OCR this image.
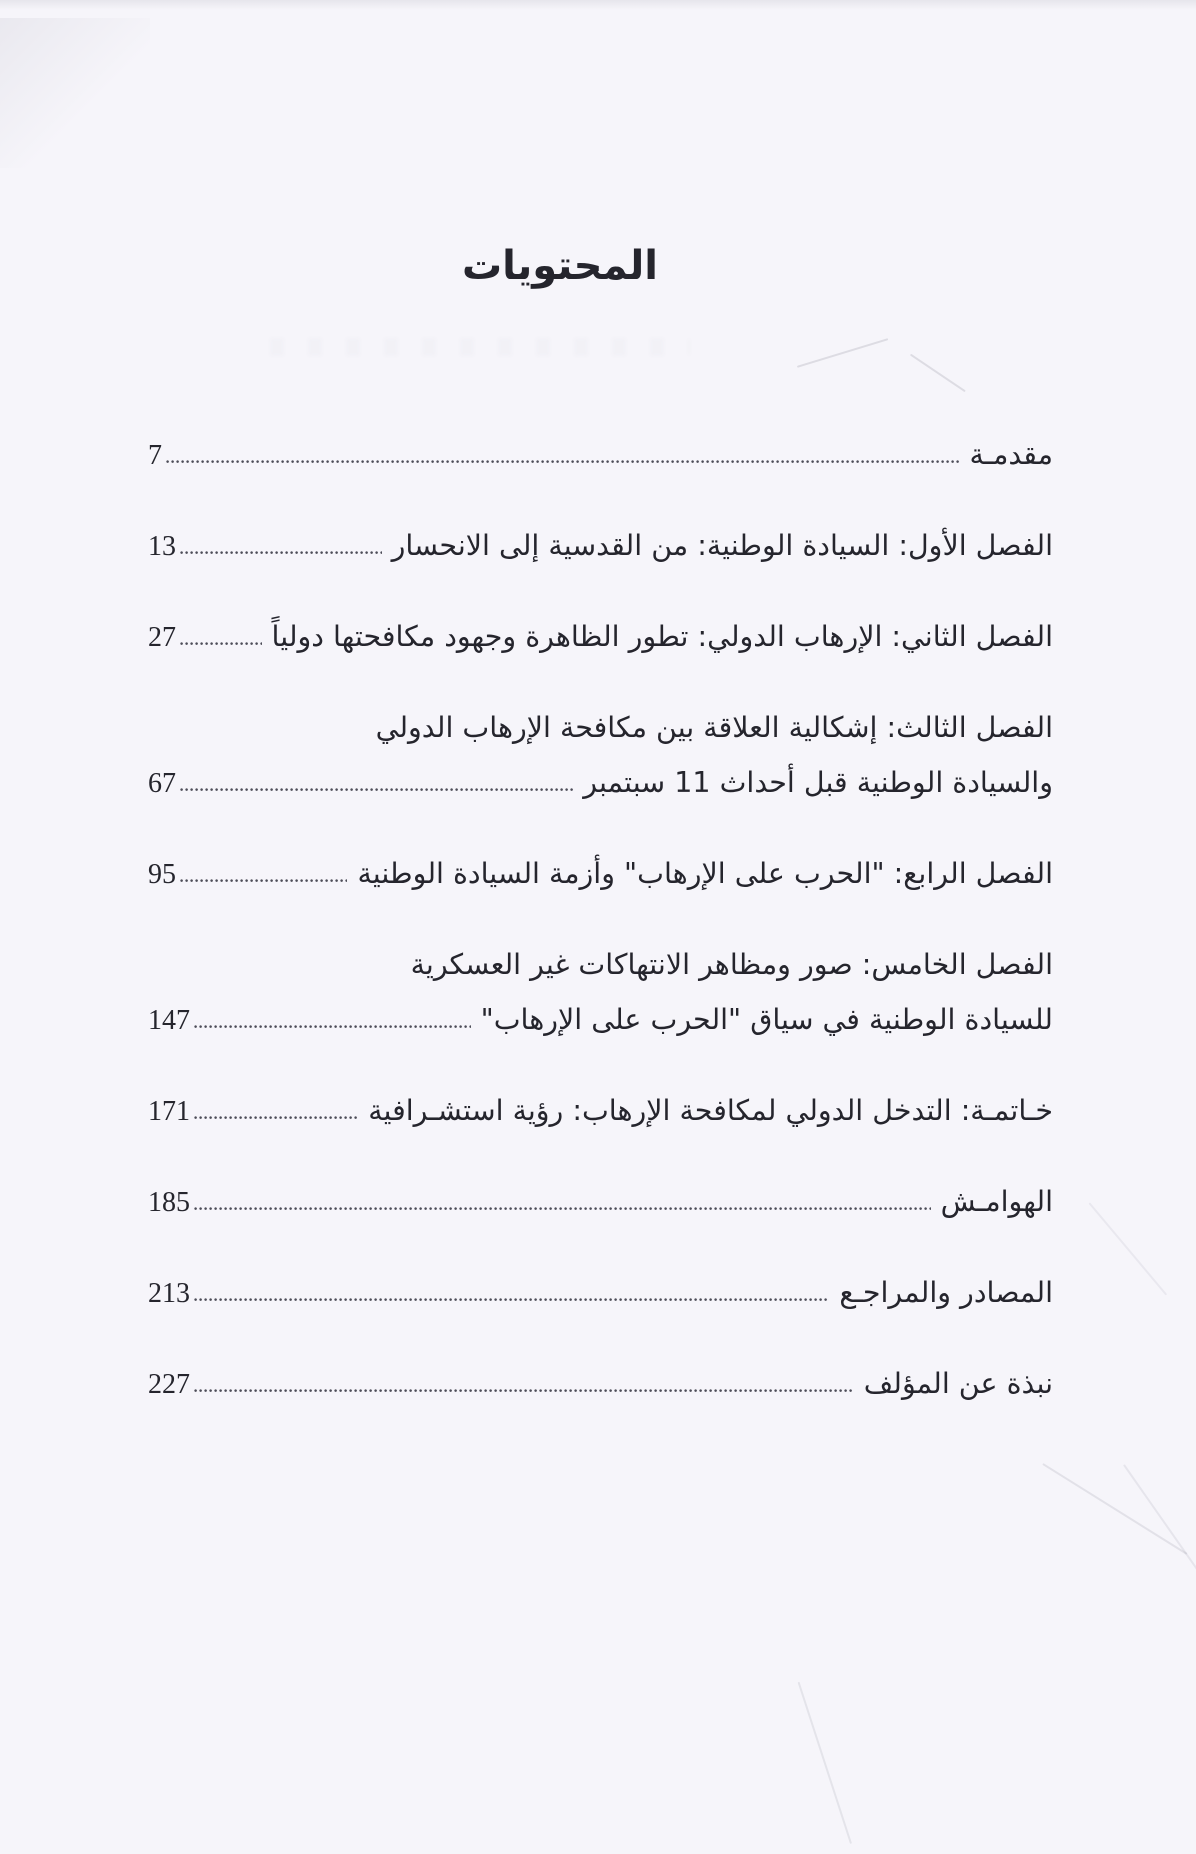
المحتويات
مقدمـة
7
الفصل الأول: السيادة الوطنية: من القدسية إلى الانحسار
13
الفصل الثاني: الإرهاب الدولي: تطور الظاهرة وجهود مكافحتها دولياً
27
الفصل الثالث: إشكالية العلاقة بين مكافحة الإرهاب الدولي
والسيادة الوطنية قبل أحداث 11 سبتمبر
67
الفصل الرابع: "الحرب على الإرهاب" وأزمة السيادة الوطنية
95
الفصل الخامس: صور ومظاهر الانتهاكات غير العسكرية
للسيادة الوطنية في سياق "الحرب على الإرهاب"
147
خـاتمـة: التدخل الدولي لمكافحة الإرهاب: رؤية استشـرافية
171
الهوامـش
185
المصادر والمراجـع
213
نبذة عن المؤلف
227
